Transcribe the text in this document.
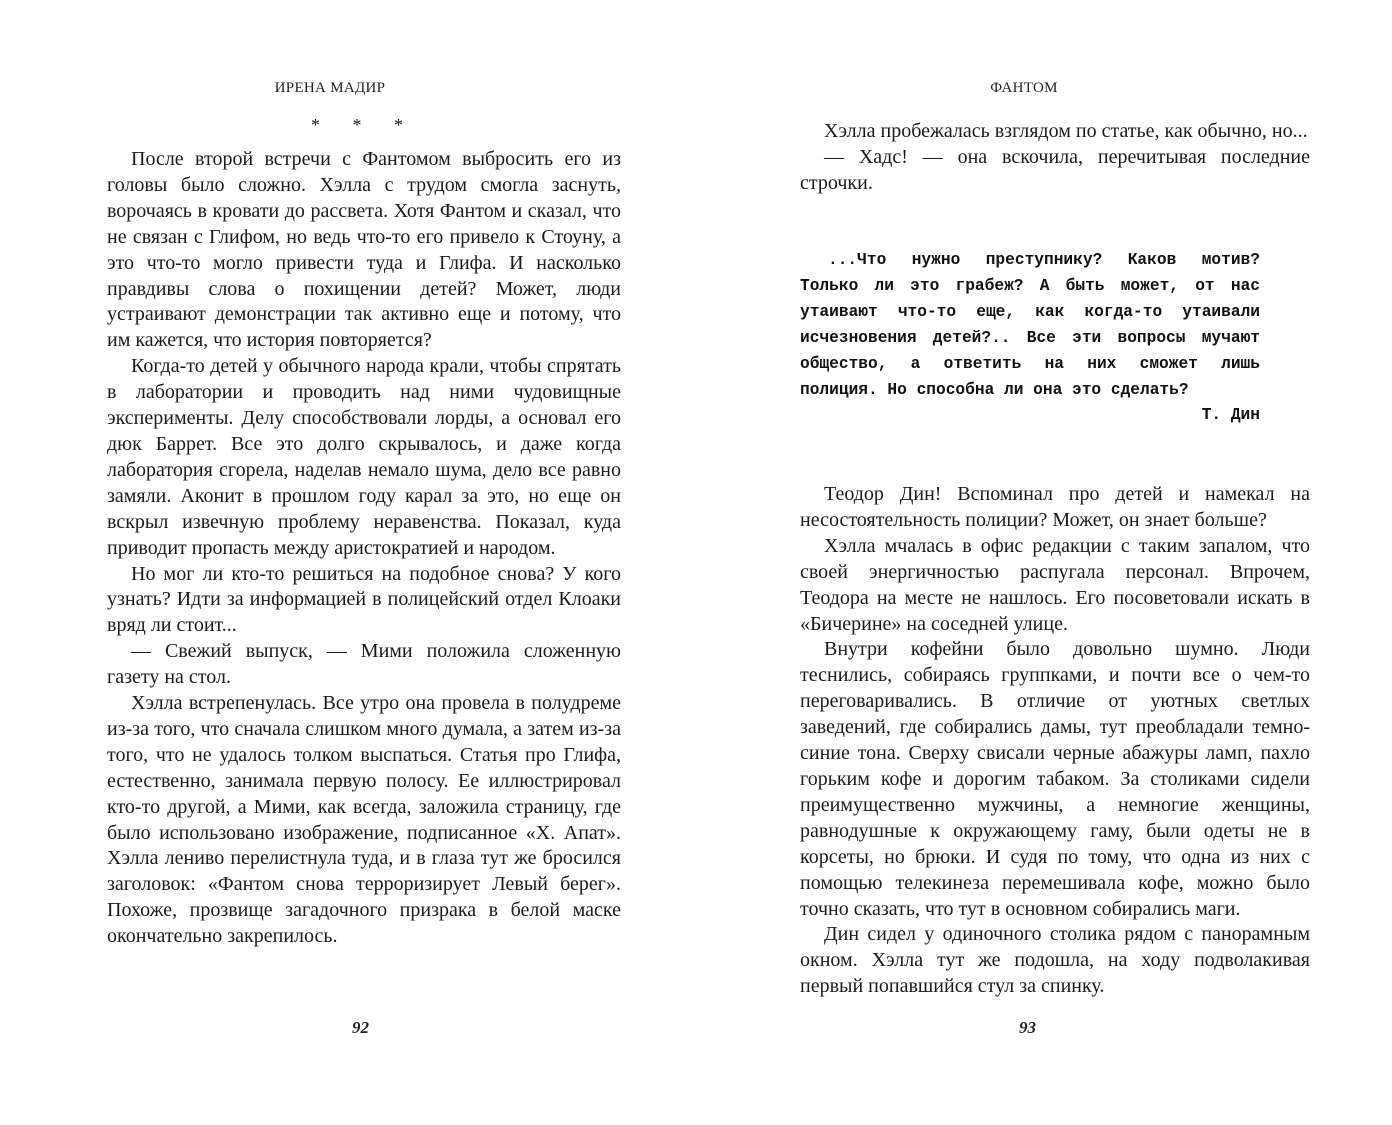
ИРЕНА МАДИР
* * *

После второй встречи с Фантомом выбросить его из головы было сложно. Хэлла с трудом смогла заснуть, ворочаясь в кровати до рассвета. Хотя Фантом и сказал, что не связан с Глифом, но ведь что-то его привело к Стоуну, а это что-то могло привести туда и Глифа. И насколько правдивы слова о похищении детей? Может, люди устраивают демонстрации так активно еще и потому, что им кажется, что история повторяется?

Когда-то детей у обычного народа крали, чтобы спрятать в лаборатории и проводить над ними чудовищные эксперименты. Делу способствовали лорды, а основал его дюк Баррет. Все это долго скрывалось, и даже когда лаборатория сгорела, наделав немало шума, дело все равно замяли. Аконит в прошлом году карал за это, но еще он вскрыл извечную проблему неравенства. Показал, куда приводит пропасть между аристократией и народом.

Но мог ли кто-то решиться на подобное снова? У кого узнать? Идти за информацией в полицейский отдел Клоаки вряд ли стоит...

— Свежий выпуск, — Мими положила сложенную газету на стол.

Хэлла встрепенулась. Все утро она провела в полудреме из-за того, что сначала слишком много думала, а затем из-за того, что не удалось толком выспаться. Статья про Глифа, естественно, занимала первую полосу. Ее иллюстрировал кто-то другой, а Мими, как всегда, заложила страницу, где было использовано изображение, подписанное «Х. Апат». Хэлла лениво перелистнула туда, и в глаза тут же бросился заголовок: «Фантом снова терроризирует Левый берег». Похоже, прозвище загадочного призрака в белой маске окончательно закрепилось.

92
ФАНТОМ

Хэлла пробежалась взглядом по статье, как обычно, но...

— Хадс! — она вскочила, перечитывая последние строчки.

...Что нужно преступнику? Каков мотив? Только ли это грабеж? А быть может, от нас утаивают что-то еще, как когда-то утаивали исчезновения детей?.. Все эти вопросы мучают общество, а ответить на них сможет лишь полиция. Но способна ли она это сделать?

Т. Дин

Теодор Дин! Вспоминал про детей и намекал на несостоятельность полиции? Может, он знает больше?

Хэлла мчалась в офис редакции с таким запалом, что своей энергичностью распугала персонал. Впрочем, Теодора на месте не нашлось. Его посоветовали искать в «Бичерине» на соседней улице.

Внутри кофейни было довольно шумно. Люди теснились, собираясь группками, и почти все о чем-то переговаривались. В отличие от уютных светлых заведений, где собирались дамы, тут преобладали темно-синие тона. Сверху свисали черные абажуры ламп, пахло горьким кофе и дорогим табаком. За столиками сидели преимущественно мужчины, а немногие женщины, равнодушные к окружающему гаму, были одеты не в корсеты, но брюки. И судя по тому, что одна из них с помощью телекинеза перемешивала кофе, можно было точно сказать, что тут в основном собирались маги.

Дин сидел у одиночного столика рядом с панорамным окном. Хэлла тут же подошла, на ходу подволакивая первый попавшийся стул за спинку.

93
